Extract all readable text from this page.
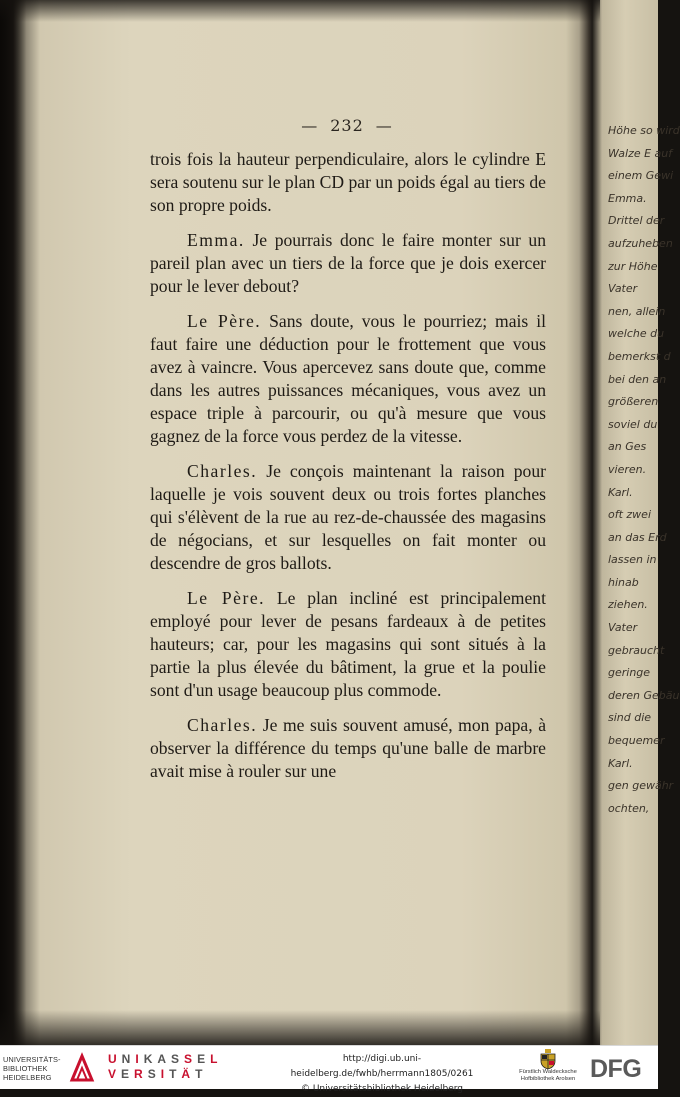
— 232 —

trois fois la hauteur perpendiculaire, alors le cylindre E sera soutenu sur le plan CD par un poids égal au tiers de son propre poids.

Emma. Je pourrais donc le faire monter sur un pareil plan avec un tiers de la force que je dois exercer pour le lever debout?

Le Père. Sans doute, vous le pourriez; mais il faut faire une déduction pour le frottement que vous avez à vaincre. Vous apercevez sans doute que, comme dans les autres puissances mécaniques, vous avez un espace triple à parcourir, ou qu'à mesure que vous gagnez de la force vous perdez de la vitesse.

Charles. Je conçois maintenant la raison pour laquelle je vois souvent deux ou trois fortes planches qui s'élèvent de la rue au rez-de-chaussée des magasins de négocians, et sur lesquelles on fait monter ou descendre de gros ballots.

Le Père. Le plan incliné est principalement employé pour lever de pesans fardeaux à de petites hauteurs; car, pour les magasins qui sont situés à la partie la plus élevée du bâtiment, la grue et la poulie sont d'un usage beaucoup plus commode.

Charles. Je me suis souvent amusé, mon papa, à observer la différence du temps qu'une balle de marbre avait mise à rouler sur une

Höhe so wird
Walze E auf
einem Gewi
Emma.
Drittel der
aufzuheben
zur Höhe
Vater
nen, allein
welche du
bemerkst d
bei den an
größeren
soviel du
an Ges
vieren.
Karl.
oft zwei
an das Erd
lassen in
hinab
ziehen.
Vater
gebraucht
geringe
deren Gebäu
sind die
bequemer
Karl.
gen gewähr
ochten,
UNIVERSITÄTS-
BIBLIOTHEK
HEIDELBERG
UNIKASSEL
VERSITÄT
http://digi.ub.uni-heidelberg.de/fwhb/herrmann1805/0261
© Universitätsbibliothek Heidelberg
Fürstlich Waldecksche
Hofbibliothek Arolsen DFG
